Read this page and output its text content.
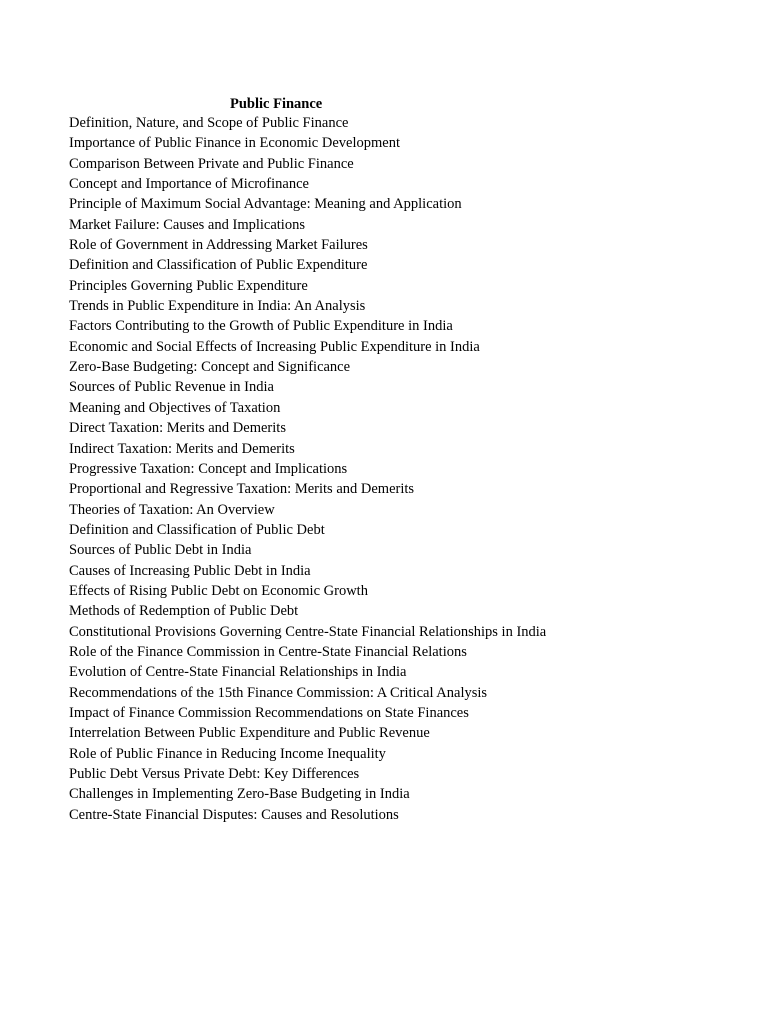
Public Finance
Definition, Nature, and Scope of Public Finance
Importance of Public Finance in Economic Development
Comparison Between Private and Public Finance
Concept and Importance of Microfinance
Principle of Maximum Social Advantage: Meaning and Application
Market Failure: Causes and Implications
Role of Government in Addressing Market Failures
Definition and Classification of Public Expenditure
Principles Governing Public Expenditure
Trends in Public Expenditure in India: An Analysis
Factors Contributing to the Growth of Public Expenditure in India
Economic and Social Effects of Increasing Public Expenditure in India
Zero-Base Budgeting: Concept and Significance
Sources of Public Revenue in India
Meaning and Objectives of Taxation
Direct Taxation: Merits and Demerits
Indirect Taxation: Merits and Demerits
Progressive Taxation: Concept and Implications
Proportional and Regressive Taxation: Merits and Demerits
Theories of Taxation: An Overview
Definition and Classification of Public Debt
Sources of Public Debt in India
Causes of Increasing Public Debt in India
Effects of Rising Public Debt on Economic Growth
Methods of Redemption of Public Debt
Constitutional Provisions Governing Centre-State Financial Relationships in India
Role of the Finance Commission in Centre-State Financial Relations
Evolution of Centre-State Financial Relationships in India
Recommendations of the 15th Finance Commission: A Critical Analysis
Impact of Finance Commission Recommendations on State Finances
Interrelation Between Public Expenditure and Public Revenue
Role of Public Finance in Reducing Income Inequality
Public Debt Versus Private Debt: Key Differences
Challenges in Implementing Zero-Base Budgeting in India
Centre-State Financial Disputes: Causes and Resolutions
